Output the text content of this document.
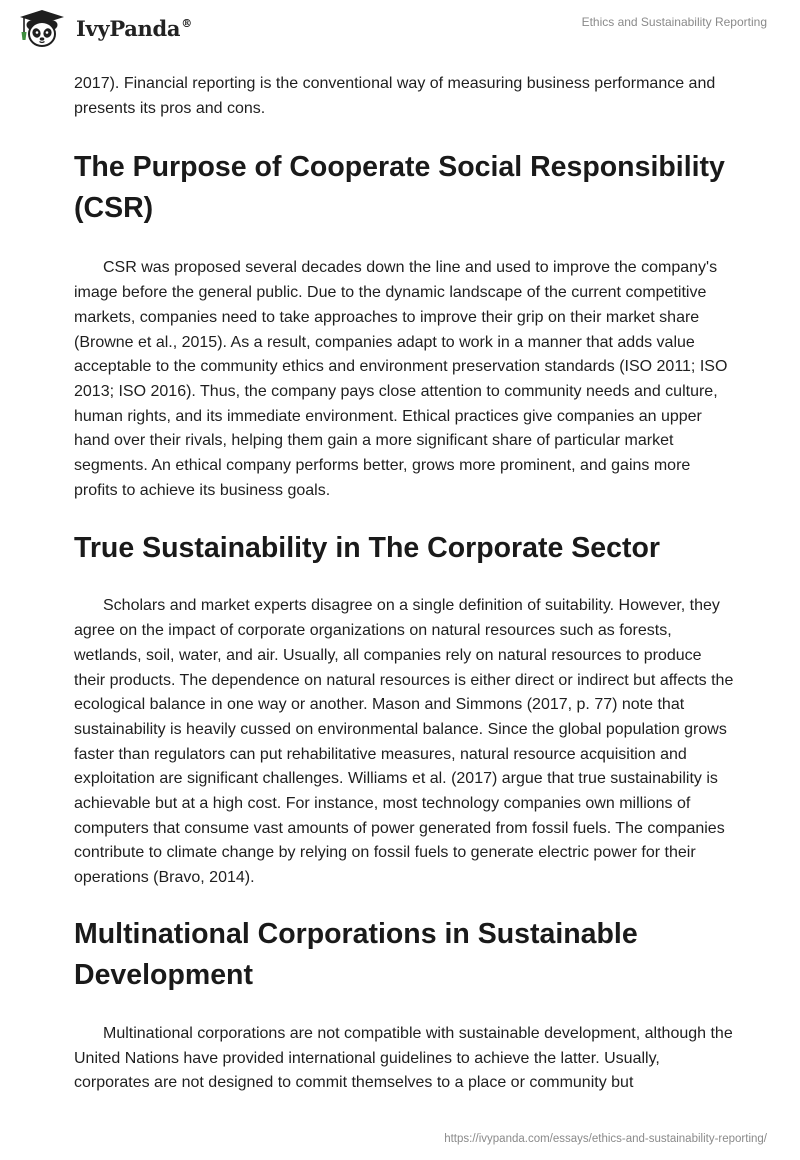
IvyPanda®	Ethics and Sustainability Reporting

2017). Financial reporting is the conventional way of measuring business performance and presents its pros and cons.

The Purpose of Cooperate Social Responsibility (CSR)

CSR was proposed several decades down the line and used to improve the company's image before the general public. Due to the dynamic landscape of the current competitive markets, companies need to take approaches to improve their grip on their market share (Browne et al., 2015). As a result, companies adapt to work in a manner that adds value acceptable to the community ethics and environment preservation standards (ISO 2011; ISO 2013; ISO 2016). Thus, the company pays close attention to community needs and culture, human rights, and its immediate environment. Ethical practices give companies an upper hand over their rivals, helping them gain a more significant share of particular market segments. An ethical company performs better, grows more prominent, and gains more profits to achieve its business goals.

True Sustainability in The Corporate Sector

Scholars and market experts disagree on a single definition of suitability. However, they agree on the impact of corporate organizations on natural resources such as forests, wetlands, soil, water, and air. Usually, all companies rely on natural resources to produce their products. The dependence on natural resources is either direct or indirect but affects the ecological balance in one way or another. Mason and Simmons (2017, p. 77) note that sustainability is heavily cussed on environmental balance. Since the global population grows faster than regulators can put rehabilitative measures, natural resource acquisition and exploitation are significant challenges. Williams et al. (2017) argue that true sustainability is achievable but at a high cost. For instance, most technology companies own millions of computers that consume vast amounts of power generated from fossil fuels. The companies contribute to climate change by relying on fossil fuels to generate electric power for their operations (Bravo, 2014).

Multinational Corporations in Sustainable Development

Multinational corporations are not compatible with sustainable development, although the United Nations have provided international guidelines to achieve the latter. Usually, corporates are not designed to commit themselves to a place or community but

https://ivypanda.com/essays/ethics-and-sustainability-reporting/
